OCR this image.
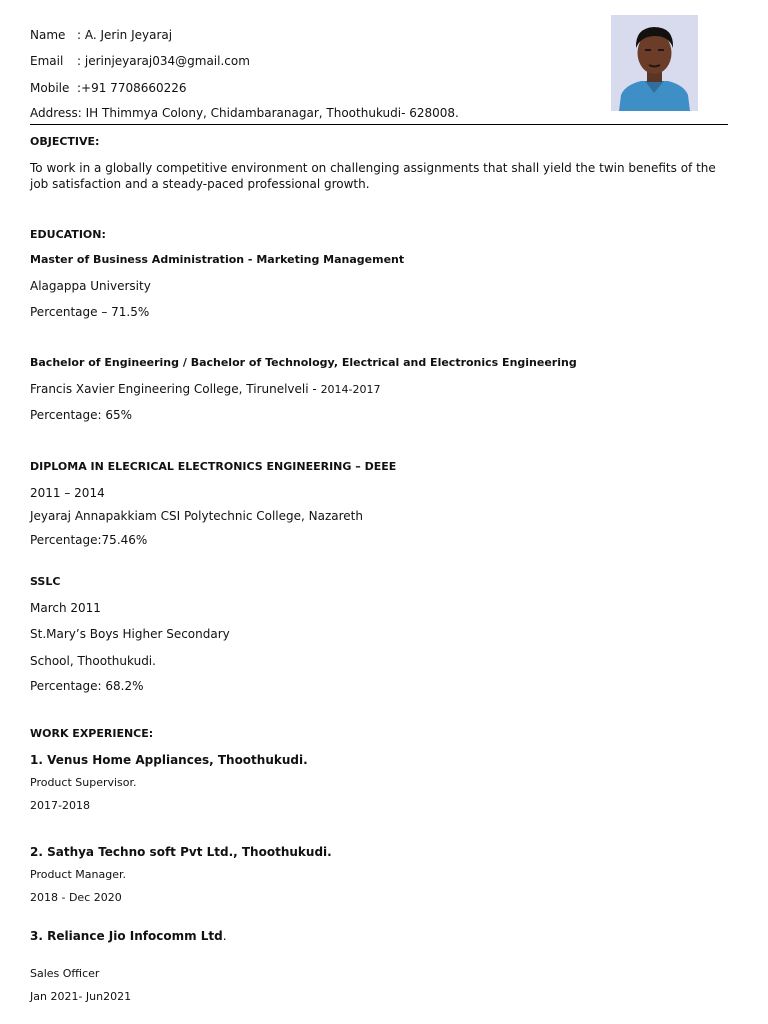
Name : A. Jerin Jeyaraj
Email : jerinjeyaraj034@gmail.com
Mobile :+91 7708660226
Address: IH Thimmya Colony, Chidambaranagar, Thoothukudi- 628008.
OBJECTIVE:
To work in a globally competitive environment on challenging assignments that shall yield the twin benefits of the job satisfaction and a steady-paced professional growth.
EDUCATION:
Master of Business Administration - Marketing Management
Alagappa University
Percentage – 71.5%
Bachelor of Engineering / Bachelor of Technology, Electrical and Electronics Engineering
Francis Xavier Engineering College, Tirunelveli - 2014-2017
Percentage: 65%
DIPLOMA IN ELECRICAL ELECTRONICS ENGINEERING – DEEE
2011 – 2014
Jeyaraj Annapakkiam CSI Polytechnic College, Nazareth
Percentage:75.46%
SSLC
March 2011
St.Mary’s Boys Higher Secondary
School, Thoothukudi.
Percentage: 68.2%
WORK EXPERIENCE:
1. Venus Home Appliances, Thoothukudi.
Product Supervisor.
2017-2018
2. Sathya Techno soft Pvt Ltd., Thoothukudi.
Product Manager.
2018 - Dec 2020
3. Reliance Jio Infocomm Ltd.
Sales Officer
Jan 2021- Jun2021
